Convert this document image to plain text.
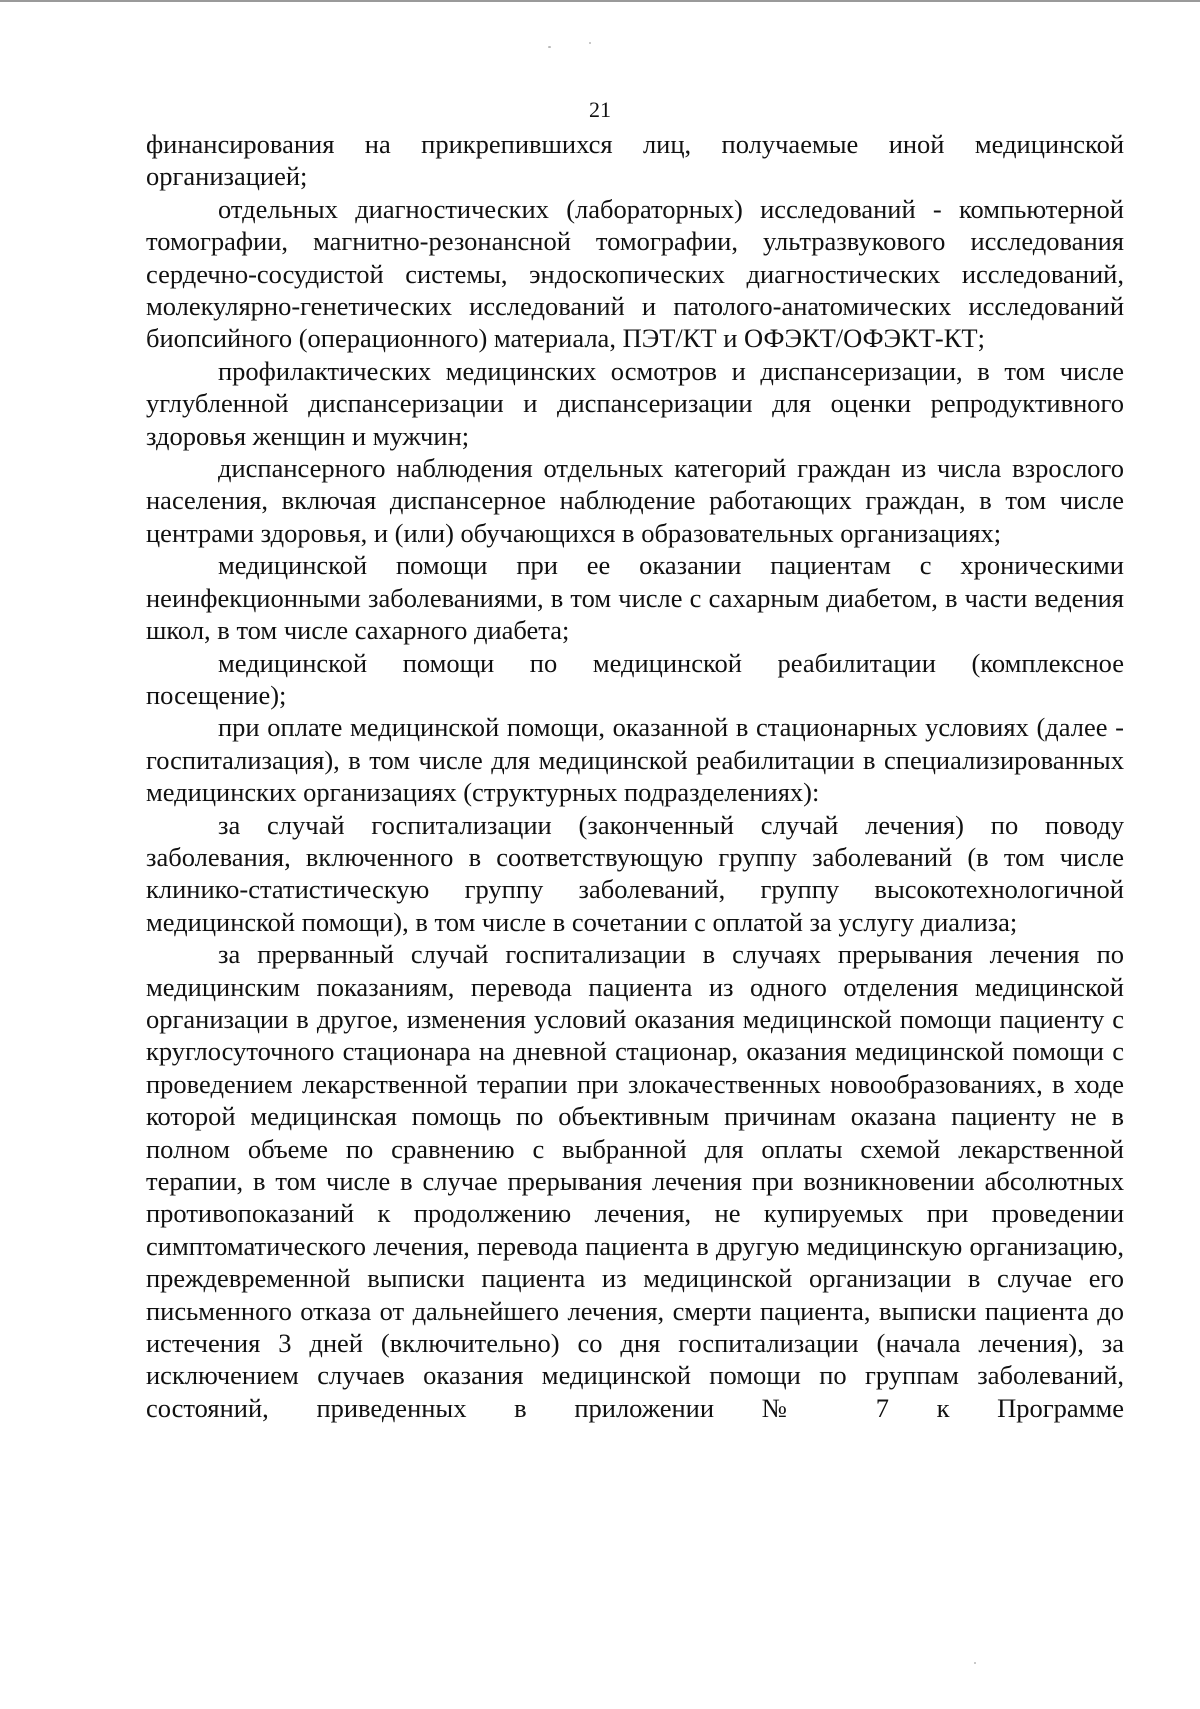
21

финансирования на прикрепившихся лиц, получаемые иной медицинской организацией;

отдельных диагностических (лабораторных) исследований - компьютерной томографии, магнитно-резонансной томографии, ультразвукового исследования сердечно-сосудистой системы, эндоскопических диагностических исследований, молекулярно-генетических исследований и патолого-анатомических исследований биопсийного (операционного) материала, ПЭТ/КТ и ОФЭКТ/ОФЭКТ-КТ;

профилактических медицинских осмотров и диспансеризации, в том числе углубленной диспансеризации и диспансеризации для оценки репродуктивного здоровья женщин и мужчин;

диспансерного наблюдения отдельных категорий граждан из числа взрослого населения, включая диспансерное наблюдение работающих граждан, в том числе центрами здоровья, и (или) обучающихся в образовательных организациях;

медицинской помощи при ее оказании пациентам с хроническими неинфекционными заболеваниями, в том числе с сахарным диабетом, в части ведения школ, в том числе сахарного диабета;

медицинской помощи по медицинской реабилитации (комплексное посещение);

при оплате медицинской помощи, оказанной в стационарных условиях (далее - госпитализация), в том числе для медицинской реабилитации в специализированных медицинских организациях (структурных подразделениях):

за случай госпитализации (законченный случай лечения) по поводу заболевания, включенного в соответствующую группу заболеваний (в том числе клинико-статистическую группу заболеваний, группу высокотехнологичной медицинской помощи), в том числе в сочетании с оплатой за услугу диализа;

за прерванный случай госпитализации в случаях прерывания лечения по медицинским показаниям, перевода пациента из одного отделения медицинской организации в другое, изменения условий оказания медицинской помощи пациенту с круглосуточного стационара на дневной стационар, оказания медицинской помощи с проведением лекарственной терапии при злокачественных новообразованиях, в ходе которой медицинская помощь по объективным причинам оказана пациенту не в полном объеме по сравнению с выбранной для оплаты схемой лекарственной терапии, в том числе в случае прерывания лечения при возникновении абсолютных противопоказаний к продолжению лечения, не купируемых при проведении симптоматического лечения, перевода пациента в другую медицинскую организацию, преждевременной выписки пациента из медицинской организации в случае его письменного отказа от дальнейшего лечения, смерти пациента, выписки пациента до истечения 3 дней (включительно) со дня госпитализации (начала лечения), за исключением случаев оказания медицинской помощи по группам заболеваний, состояний, приведенных в приложении № 7 к Программе
